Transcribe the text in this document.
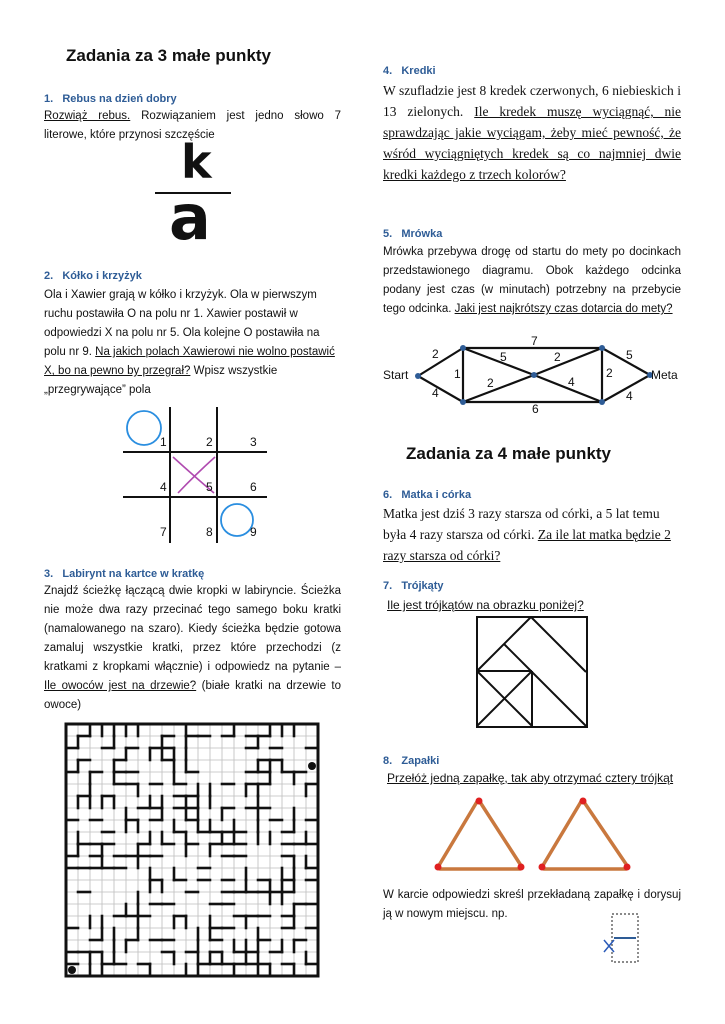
Zadania za 3 małe punkty
1. Rebus na dzień dobry
Rozwiąż rebus. Rozwiązaniem jest jedno słowo 7 literowe, które przynosi szczęście
k
a
2. Kółko i krzyżyk
Ola i Xawier grają w kółko i krzyżyk. Ola w pierwszym ruchu postawiła O na polu nr 1. Xawier postawił w odpowiedzi X na polu nr 5. Ola kolejne O postawiła na polu nr 9. Na jakich polach Xawierowi nie wolno postawić X, bo na pewno by przegrał? Wpisz wszystkie „przegrywające” pola
1	2	3
4	5	6
7	8	9
3. Labirynt na kartce w kratkę
Znajdź ścieżkę łączącą dwie kropki w labiryncie. Ścieżka nie może dwa razy przecinać tego samego boku kratki (namalowanego na szaro). Kiedy ścieżka będzie gotowa zamaluj wszystkie kratki, przez które przechodzi (z kratkami z kropkami włącznie) i odpowiedz na pytanie – Ile owoców jest na drzewie? (białe kratki na drzewie to owoce)
4. Kredki
W szufladzie jest 8 kredek czerwonych, 6 niebieskich i 13 zielonych. Ile kredek muszę wyciągnąć, nie sprawdzając jakie wyciągam, żeby mieć pewność, że wśród wyciągniętych kredek są co najmniej dwie kredki każdego z trzech kolorów?
5. Mrówka
Mrówka przebywa drogę od startu do mety po docinkach przedstawionego diagramu. Obok każdego odcinka podany jest czas (w minutach) potrzebny na przebycie tego odcinka. Jaki jest najkrótszy czas dotarcia do mety?
Start	Meta
2
4
1
5
7
2
2	4
6
2
5
4
Zadania za 4 małe punkty
6. Matka i córka
Matka jest dziś 3 razy starsza od córki, a 5 lat temu była 4 razy starsza od córki. Za ile lat matka będzie 2 razy starsza od córki?
7. Trójkąty
Ile jest trójkątów na obrazku poniżej?
8. Zapałki
Przełóż jedną zapałkę, tak aby otrzymać cztery trójkąt
W karcie odpowiedzi skreśl przekładaną zapałkę i dorysuj ją w nowym miejscu. np.
